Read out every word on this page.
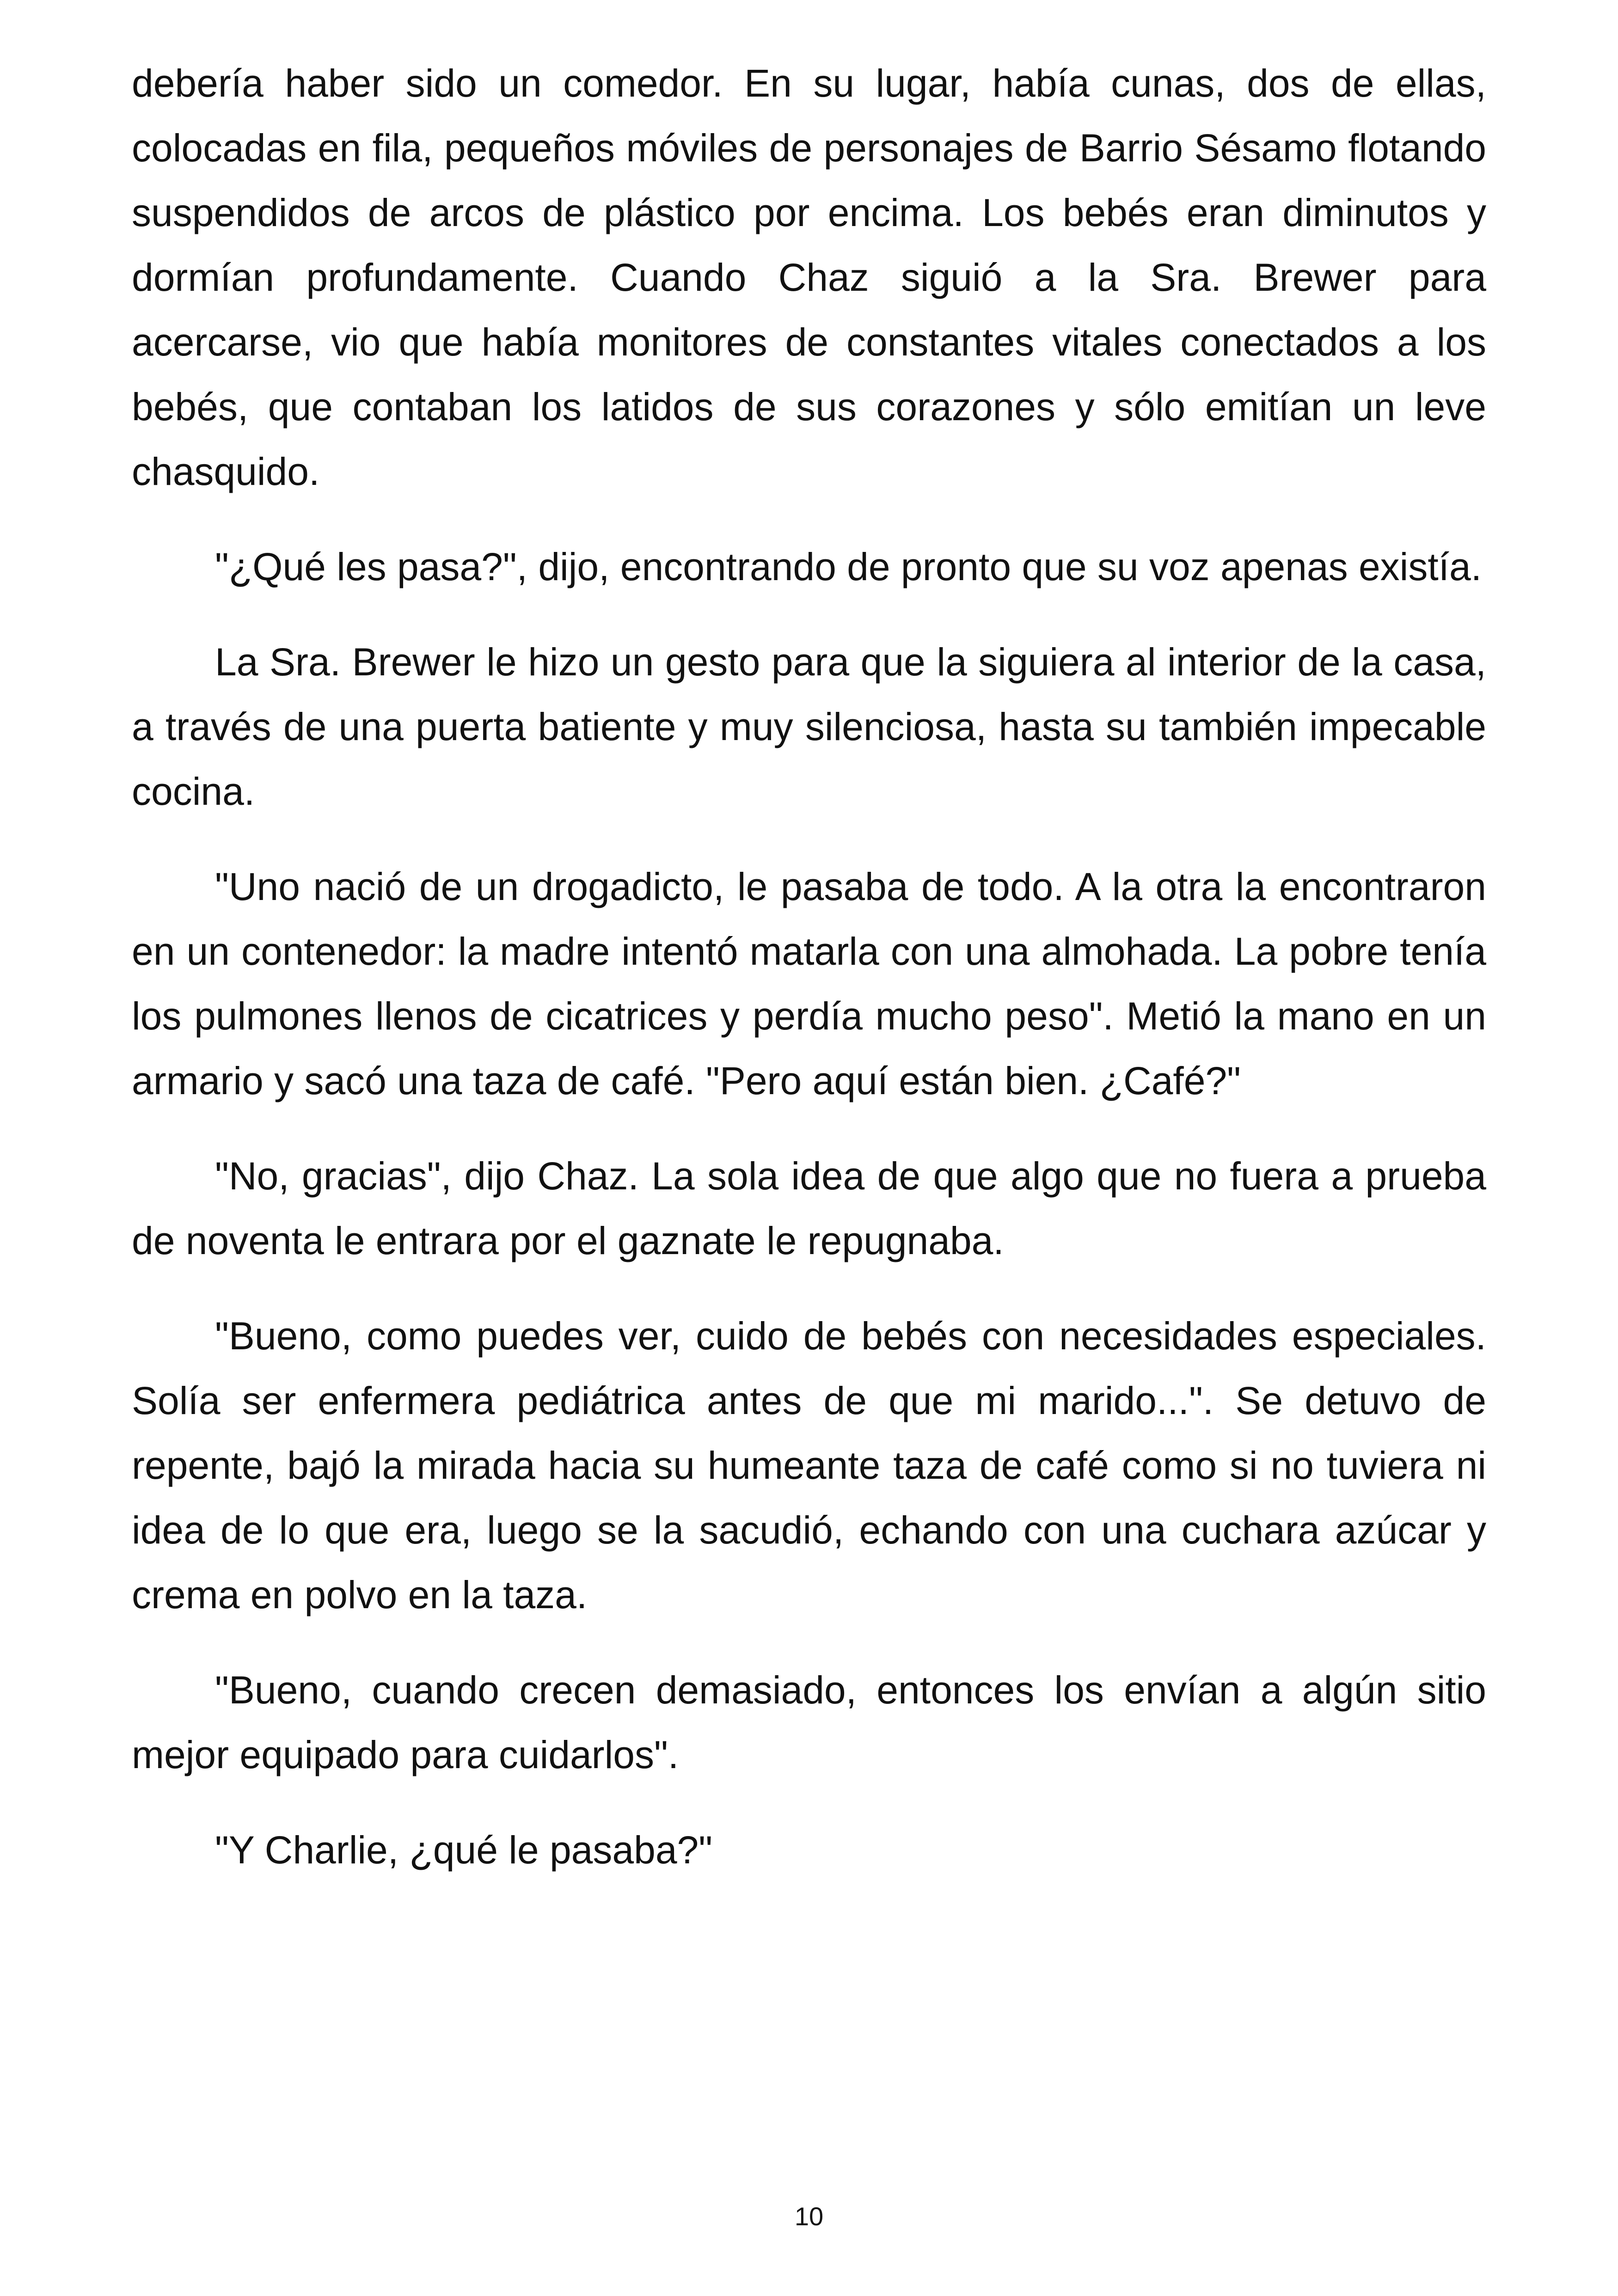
debería haber sido un comedor. En su lugar, había cunas, dos de ellas, colocadas en fila, pequeños móviles de personajes de Barrio Sésamo flotando suspendidos de arcos de plástico por encima. Los bebés eran diminutos y dormían profundamente. Cuando Chaz siguió a la Sra. Brewer para acercarse, vio que había monitores de constantes vitales conectados a los bebés, que contaban los latidos de sus corazones y sólo emitían un leve chasquido.

"¿Qué les pasa?", dijo, encontrando de pronto que su voz apenas existía.

La Sra. Brewer le hizo un gesto para que la siguiera al interior de la casa, a través de una puerta batiente y muy silenciosa, hasta su también impecable cocina.

"Uno nació de un drogadicto, le pasaba de todo. A la otra la encontraron en un contenedor: la madre intentó matarla con una almohada. La pobre tenía los pulmones llenos de cicatrices y perdía mucho peso". Metió la mano en un armario y sacó una taza de café. "Pero aquí están bien. ¿Café?"

"No, gracias", dijo Chaz. La sola idea de que algo que no fuera a prueba de noventa le entrara por el gaznate le repugnaba.

"Bueno, como puedes ver, cuido de bebés con necesidades especiales. Solía ser enfermera pediátrica antes de que mi marido...". Se detuvo de repente, bajó la mirada hacia su humeante taza de café como si no tuviera ni idea de lo que era, luego se la sacudió, echando con una cuchara azúcar y crema en polvo en la taza.

"Bueno, cuando crecen demasiado, entonces los envían a algún sitio mejor equipado para cuidarlos".

"Y Charlie, ¿qué le pasaba?"

10
